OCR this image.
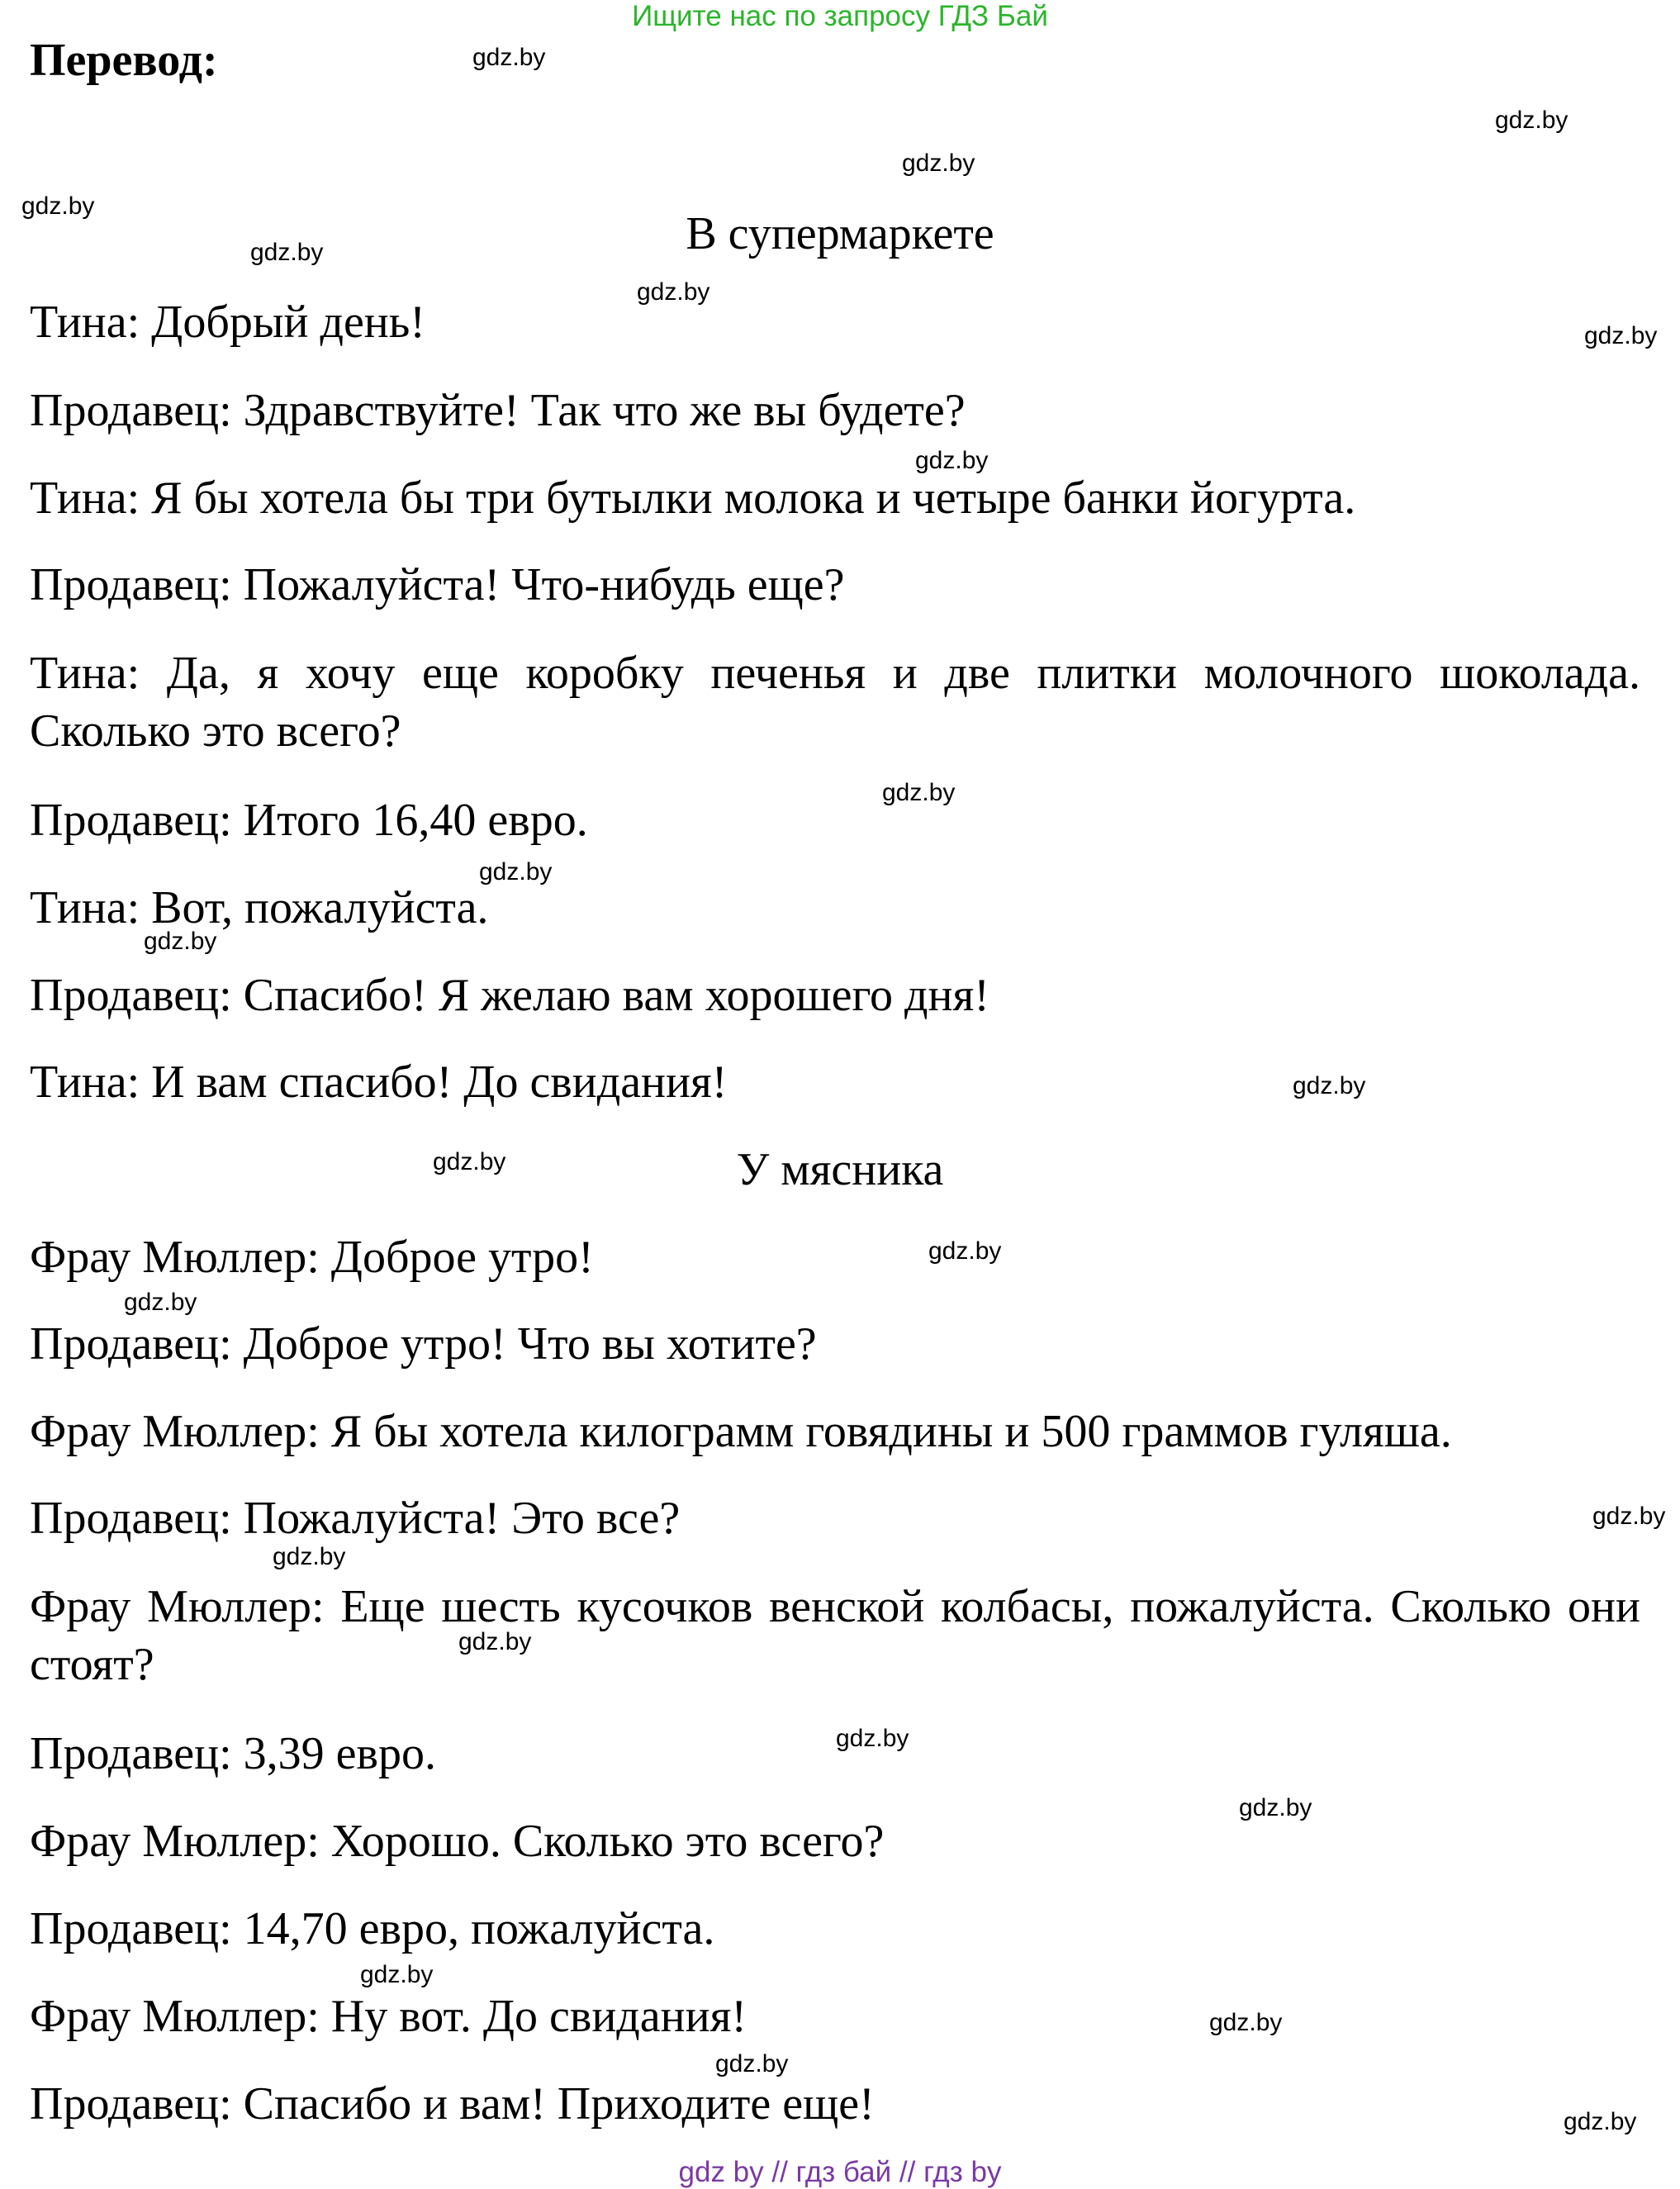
Ищите нас по запросу ГДЗ Бай
Перевод:
В супермаркете
Тина: Добрый день!
Продавец: Здравствуйте! Так что же вы будете?
Тина: Я бы хотела бы три бутылки молока и четыре банки йогурта.
Продавец: Пожалуйста! Что-нибудь еще?
Тина: Да, я хочу еще коробку печенья и две плитки молочного шоколада. Сколько это всего?
Продавец: Итого 16,40 евро.
Тина: Вот, пожалуйста.
Продавец: Спасибо! Я желаю вам хорошего дня!
Тина: И вам спасибо! До свидания!
У мясника
Фрау Мюллер: Доброе утро!
Продавец: Доброе утро! Что вы хотите?
Фрау Мюллер: Я бы хотела килограмм говядины и 500 граммов гуляша.
Продавец: Пожалуйста! Это все?
Фрау Мюллер: Еще шесть кусочков венской колбасы, пожалуйста. Сколько они стоят?
Продавец: 3,39 евро.
Фрау Мюллер: Хорошо. Сколько это всего?
Продавец: 14,70 евро, пожалуйста.
Фрау Мюллер: Ну вот. До свидания!
Продавец: Спасибо и вам! Приходите еще!
gdz.by
gdz.by
gdz.by
gdz.by
gdz.by
gdz.by
gdz.by
gdz.by
gdz.by
gdz.by
gdz.by
gdz.by
gdz.by
gdz.by
gdz.by
gdz.by
gdz.by
gdz.by
gdz.by
gdz.by
gdz.by
gdz.by
gdz.by
gdz.by
gdz by // гдз бай // гдз by
